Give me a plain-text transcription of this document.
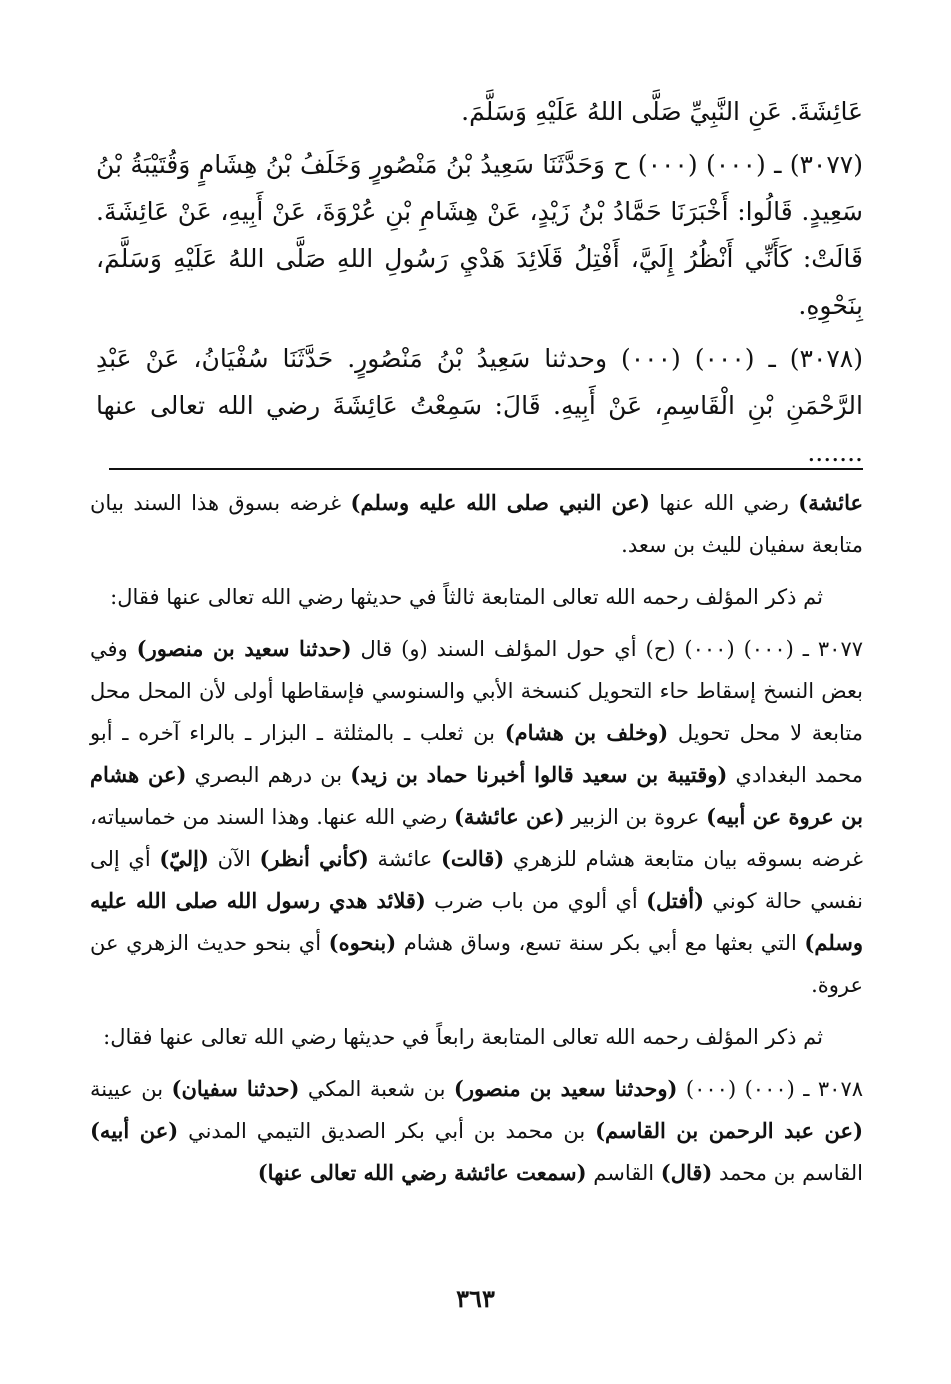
عَائِشَةَ. عَنِ النَّبِيِّ صَلَّى اللهُ عَلَيْهِ وَسَلَّمَ.

(٣٠٧٧) ـ (٠٠٠) (٠٠٠) ح وَحَدَّثَنَا سَعِيدُ بْنُ مَنْصُورٍ وَخَلَفُ بْنُ هِشَامٍ وَقُتَيْبَةُ بْنُ سَعِيدٍ. قَالُوا: أَخْبَرَنَا حَمَّادُ بْنُ زَيْدٍ، عَنْ هِشَامِ بْنِ عُرْوَةَ، عَنْ أَبِيهِ، عَنْ عَائِشَةَ. قَالَتْ: كَأَنِّي أَنْظُرُ إِلَيَّ، أَفْتِلُ قَلَائِدَ هَدْيِ رَسُولِ اللهِ صَلَّى اللهُ عَلَيْهِ وَسَلَّمَ، بِنَحْوِهِ.

(٣٠٧٨) ـ (٠٠٠) (٠٠٠) وحدثنا سَعِيدُ بْنُ مَنْصُورٍ. حَدَّثَنَا سُفْيَانُ، عَنْ عَبْدِ الرَّحْمَنِ بْنِ الْقَاسِمِ، عَنْ أَبِيهِ. قَالَ: سَمِعْتُ عَائِشَةَ رضي الله تعالى عنها .......

عائشة) رضي الله عنها (عن النبي صلى الله عليه وسلم) غرضه بسوق هذا السند بيان متابعة سفيان لليث بن سعد.

ثم ذكر المؤلف رحمه الله تعالى المتابعة ثالثاً في حديثها رضي الله تعالى عنها فقال:

٣٠٧٧ ـ (٠٠٠) (٠٠٠) (ح) أي حول المؤلف السند (و) قال (حدثنا سعيد بن منصور) وفي بعض النسخ إسقاط حاء التحويل كنسخة الأبي والسنوسي فإسقاطها أولى لأن المحل محل متابعة لا محل تحويل (وخلف بن هشام) بن ثعلب ـ بالمثلثة ـ البزار ـ بالراء آخره ـ أبو محمد البغدادي (وقتيبة بن سعيد قالوا أخبرنا حماد بن زيد) بن درهم البصري (عن هشام بن عروة عن أبيه) عروة بن الزبير (عن عائشة) رضي الله عنها. وهذا السند من خماسياته، غرضه بسوقه بيان متابعة هشام للزهري (قالت) عائشة (كأني أنظر) الآن (إليّ) أي إلى نفسي حالة كوني (أفتل) أي ألوي من باب ضرب (قلائد هدي رسول الله صلى الله عليه وسلم) التي بعثها مع أبي بكر سنة تسع، وساق هشام (بنحوه) أي بنحو حديث الزهري عن عروة.

ثم ذكر المؤلف رحمه الله تعالى المتابعة رابعاً في حديثها رضي الله تعالى عنها فقال:

٣٠٧٨ ـ (٠٠٠) (٠٠٠) (وحدثنا سعيد بن منصور) بن شعبة المكي (حدثنا سفيان) بن عيينة (عن عبد الرحمن بن القاسم) بن محمد بن أبي بكر الصديق التيمي المدني (عن أبيه) القاسم بن محمد (قال) القاسم (سمعت عائشة رضي الله تعالى عنها)

٣٦٣
